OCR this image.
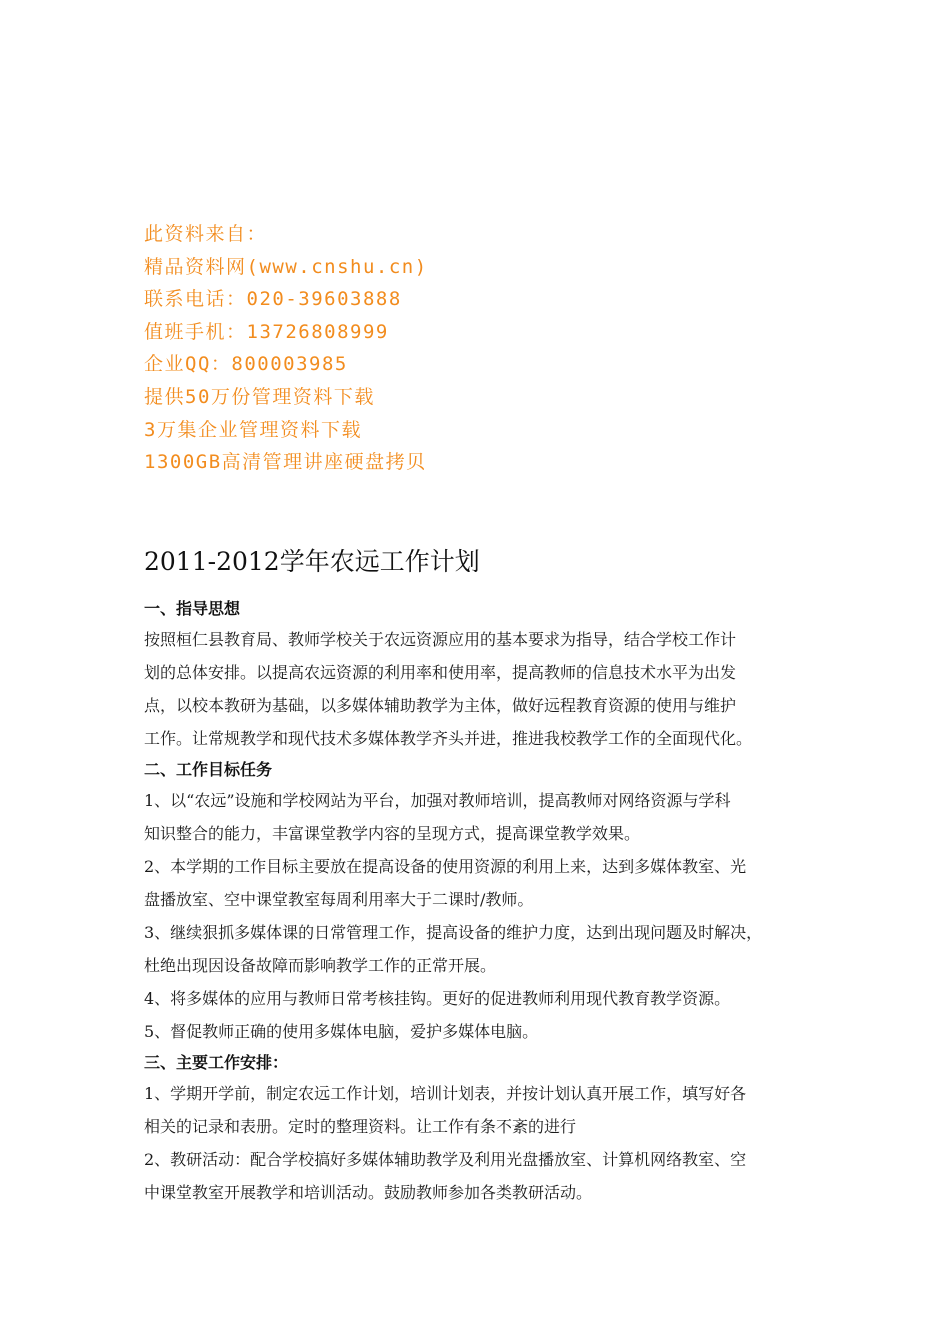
此资料来自：
精品资料网(www.cnshu.cn)
联系电话：020-39603888
值班手机：13726808999
企业QQ：800003985
提供50万份管理资料下载
3万集企业管理资料下载
1300GB高清管理讲座硬盘拷贝
2011-2012学年农远工作计划
一、指导思想
按照桓仁县教育局、教师学校关于农远资源应用的基本要求为指导，结合学校工作计
划的总体安排。以提高农远资源的利用率和使用率，提高教师的信息技术水平为出发
点，以校本教研为基础，以多媒体辅助教学为主体，做好远程教育资源的使用与维护
工作。让常规教学和现代技术多媒体教学齐头并进，推进我校教学工作的全面现代化。
二、工作目标任务
1、以“农远”设施和学校网站为平台，加强对教师培训，提高教师对网络资源与学科
知识整合的能力，丰富课堂教学内容的呈现方式，提高课堂教学效果。
2、本学期的工作目标主要放在提高设备的使用资源的利用上来，达到多媒体教室、光
盘播放室、空中课堂教室每周利用率大于二课时/教师。
3、继续狠抓多媒体课的日常管理工作，提高设备的维护力度，达到出现问题及时解决，
杜绝出现因设备故障而影响教学工作的正常开展。
4、将多媒体的应用与教师日常考核挂钩。更好的促进教师利用现代教育教学资源。
5、督促教师正确的使用多媒体电脑，爱护多媒体电脑。
三、主要工作安排：
1、学期开学前，制定农远工作计划，培训计划表，并按计划认真开展工作，填写好各
相关的记录和表册。定时的整理资料。让工作有条不紊的进行
2、教研活动：配合学校搞好多媒体辅助教学及利用光盘播放室、计算机网络教室、空
中课堂教室开展教学和培训活动。鼓励教师参加各类教研活动。
